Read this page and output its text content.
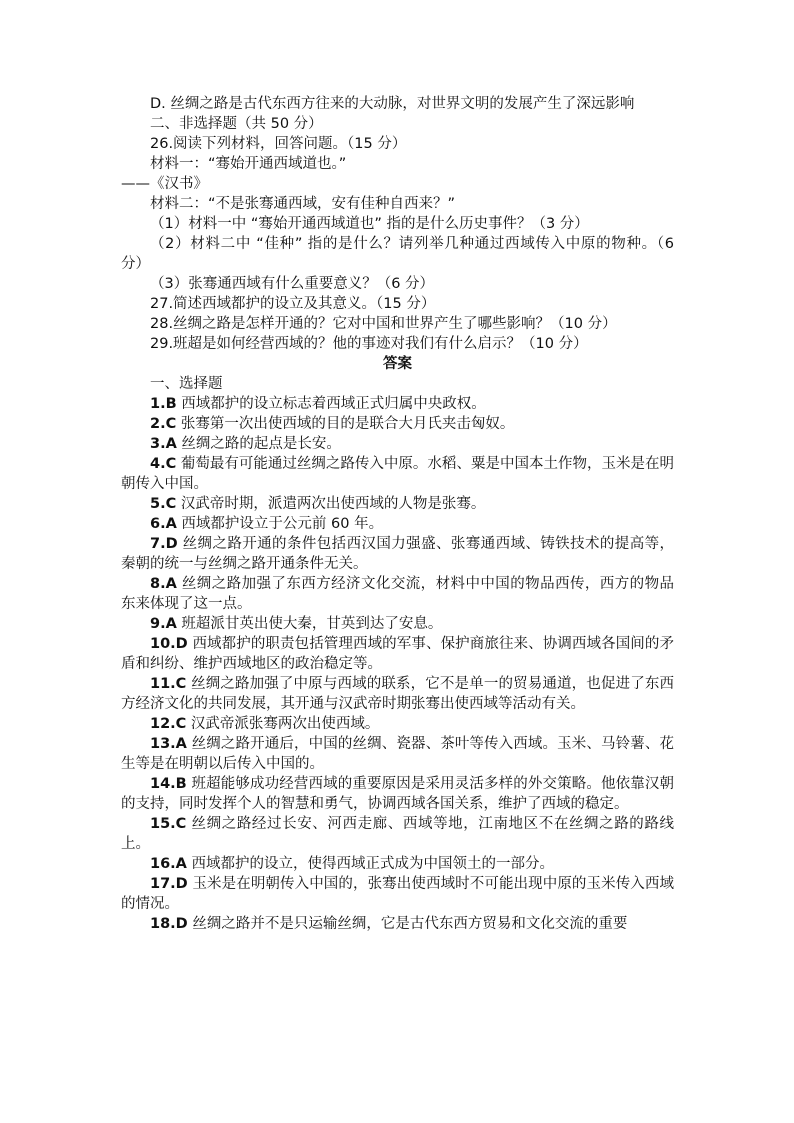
D. 丝绸之路是古代东西方往来的大动脉，对世界文明的发展产生了深远影响

二、非选择题（共 50 分）

26.阅读下列材料，回答问题。（15 分）

材料一：“骞始开通西域道也。”

——《汉书》

材料二：“不是张骞通西域，安有佳种自西来？”

（1）材料一中 “骞始开通西域道也” 指的是什么历史事件？（3 分）

（2）材料二中 “佳种” 指的是什么？请列举几种通过西域传入中原的物种。（6 分）

（3）张骞通西域有什么重要意义？（6 分）

27.简述西域都护的设立及其意义。（15 分）

28.丝绸之路是怎样开通的？它对中国和世界产生了哪些影响？（10 分）

29.班超是如何经营西域的？他的事迹对我们有什么启示？（10 分）

答案

一、选择题

1.B 西域都护的设立标志着西域正式归属中央政权。

2.C 张骞第一次出使西域的目的是联合大月氏夹击匈奴。

3.A 丝绸之路的起点是长安。

4.C 葡萄最有可能通过丝绸之路传入中原。水稻、粟是中国本土作物，玉米是在明朝传入中国。

5.C 汉武帝时期，派遣两次出使西域的人物是张骞。

6.A 西域都护设立于公元前 60 年。

7.D 丝绸之路开通的条件包括西汉国力强盛、张骞通西域、铸铁技术的提高等，秦朝的统一与丝绸之路开通条件无关。

8.A 丝绸之路加强了东西方经济文化交流，材料中中国的物品西传，西方的物品东来体现了这一点。

9.A 班超派甘英出使大秦，甘英到达了安息。

10.D 西域都护的职责包括管理西域的军事、保护商旅往来、协调西域各国间的矛盾和纠纷、维护西域地区的政治稳定等。

11.C 丝绸之路加强了中原与西域的联系，它不是单一的贸易通道，也促进了东西方经济文化的共同发展，其开通与汉武帝时期张骞出使西域等活动有关。

12.C 汉武帝派张骞两次出使西域。

13.A 丝绸之路开通后，中国的丝绸、瓷器、茶叶等传入西域。玉米、马铃薯、花生等是在明朝以后传入中国的。

14.B 班超能够成功经营西域的重要原因是采用灵活多样的外交策略。他依靠汉朝的支持，同时发挥个人的智慧和勇气，协调西域各国关系，维护了西域的稳定。

15.C 丝绸之路经过长安、河西走廊、西域等地，江南地区不在丝绸之路的路线上。

16.A 西域都护的设立，使得西域正式成为中国领土的一部分。

17.D 玉米是在明朝传入中国的，张骞出使西域时不可能出现中原的玉米传入西域的情况。

18.D 丝绸之路并不是只运输丝绸，它是古代东西方贸易和文化交流的重要
